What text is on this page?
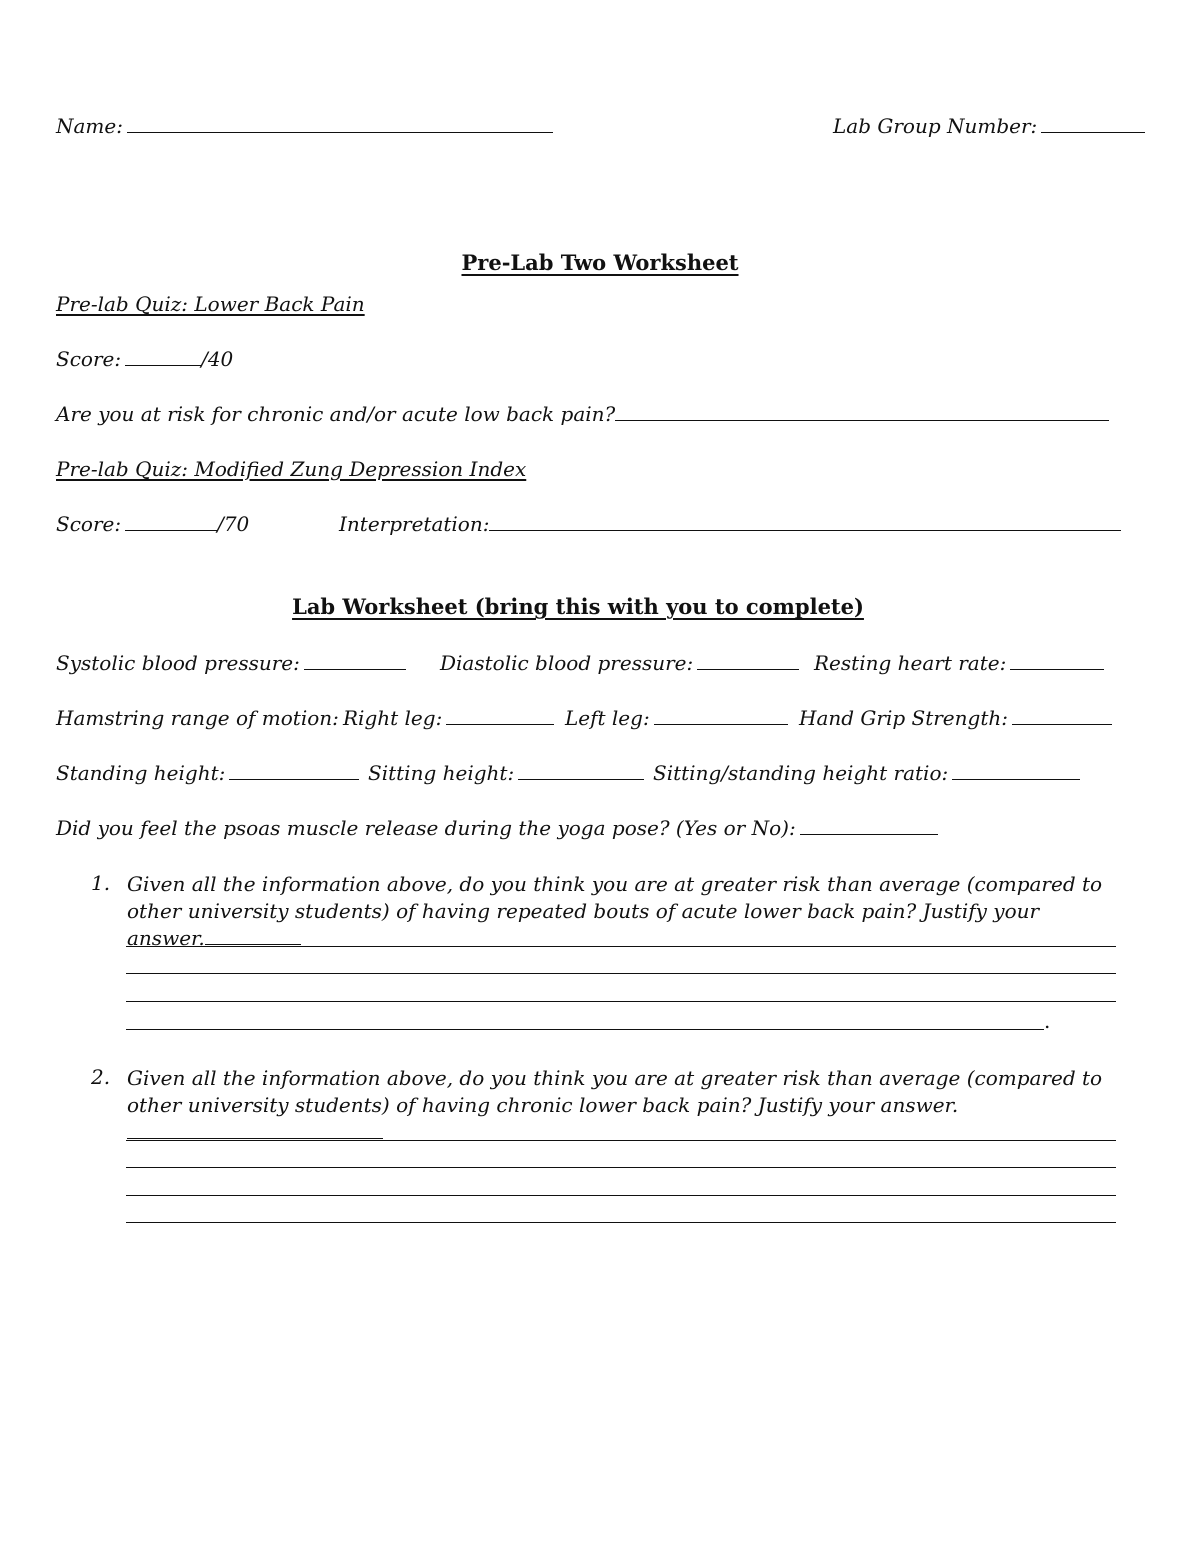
Name:	Lab Group Number:
Pre-Lab Two Worksheet
Pre-lab Quiz: Lower Back Pain
Score:	/40
Are you at risk for chronic and/or acute low back pain?
Pre-lab Quiz: Modified Zung Depression Index
Score:	/70	Interpretation:
Lab Worksheet (bring this with you to complete)
Systolic blood pressure:	Diastolic blood pressure:	Resting heart rate:
Hamstring range of motion: Right leg:	Left leg:	Hand Grip Strength:
Standing height:	Sitting height:	Sitting/standing height ratio:
Did you feel the psoas muscle release during the yoga pose? (Yes or No):
1. Given all the information above, do you think you are at greater risk than average (compared to other university students) of having repeated bouts of acute lower back pain? Justify your answer.
.
2. Given all the information above, do you think you are at greater risk than average (compared to other university students) of having chronic lower back pain? Justify your answer.
